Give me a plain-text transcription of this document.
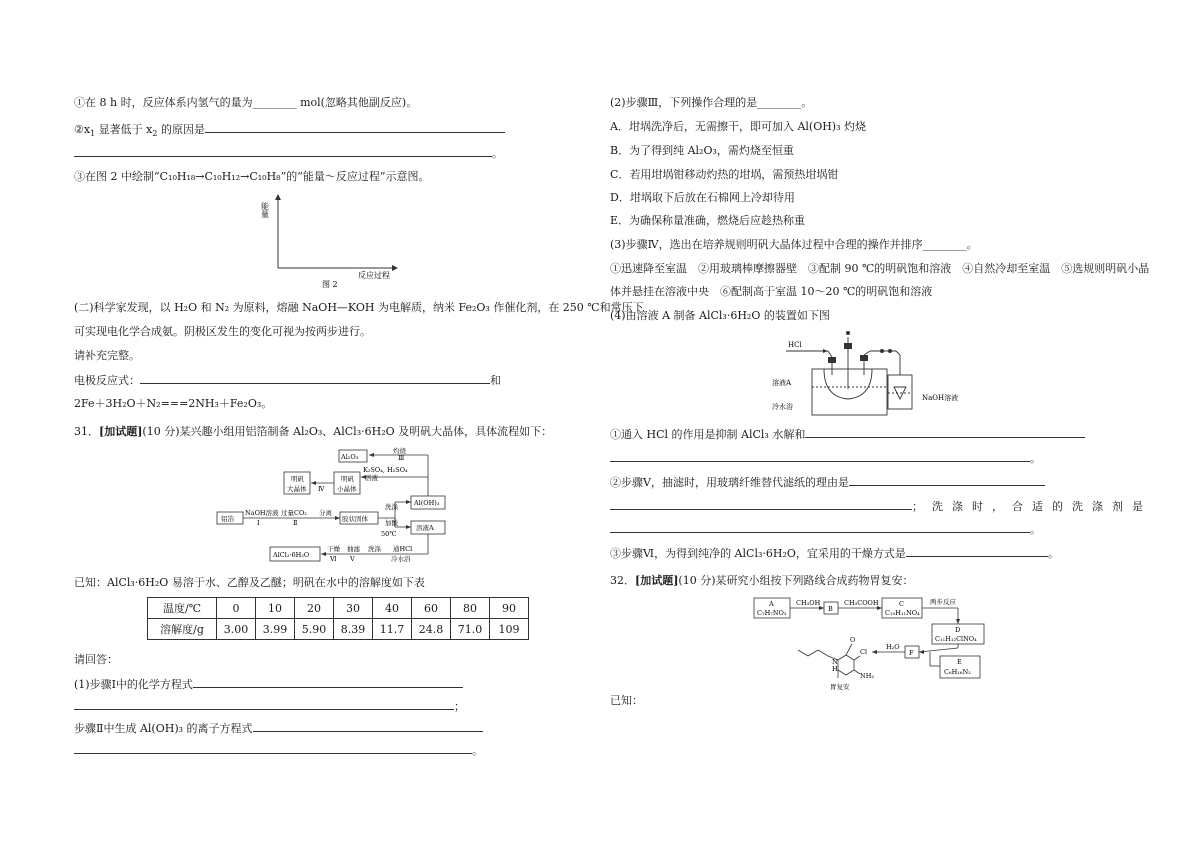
①在 8 h 时，反应体系内氢气的量为________ mol(忽略其他副反应)。
$②x_1$ 显著低于 $x_2$ 的原因是
。
③在图 2 中绘制“C₁₀H₁₈→C₁₀H₁₂→C₁₀H₈”的“能量～反应过程”示意图。
能量
反应过程
图 2
(二)科学家发现，以 H₂O 和 N₂ 为原料，熔融 NaOH—KOH 为电解质，纳米 Fe₂O₃ 作催化剂，在 250 ℃和常压下
可实现电化学合成氨。阴极区发生的变化可视为按两步进行。
请补充完整。
电极反应式：	和
2Fe＋3H₂O＋N₂===2NH₃＋Fe₂O₃。
31．[加试题](10 分)某兴趣小组用铝箔制备 Al₂O₃、AlCl₃·6H₂O 及明矾大晶体，具体流程如下：
Al₂O₃
灼烧
Ⅲ
K₂SO₄, H₂SO₄
溶液
明矾
大晶体
明矾
小晶体
Ⅳ
Al(OH)₃
洗涤
铝箔
NaOH溶液
Ⅰ
过量CO₂
Ⅱ
分离
胶状固体	加酸
50℃
溶液A
AlCl₃·6H₂O
干燥
Ⅵ
抽滤
Ⅴ
洗涤 通HCl
冷水浴
已知：AlCl₃·6H₂O 易溶于水、乙醇及乙醚；明矾在水中的溶解度如下表
温度/℃	0	10	20	30	40	60	80	90
溶解度/g	3.00	3.99	5.90	8.39	11.7	24.8	71.0	109
请回答：
(1)步骤Ⅰ中的化学方程式
；
步骤Ⅱ中生成 Al(OH)₃ 的离子方程式
。
(2)步骤Ⅲ，下列操作合理的是________。
A．坩埚洗净后，无需擦干，即可加入 Al(OH)₃ 灼烧
B．为了得到纯 Al₂O₃，需灼烧至恒重
C．若用坩埚钳移动灼热的坩埚，需预热坩埚钳
D．坩埚取下后放在石棉网上冷却待用
E．为确保称量准确，燃烧后应趁热称重
(3)步骤Ⅳ，选出在培养规则明矾大晶体过程中合理的操作并排序________。
①迅速降至室温　②用玻璃棒摩擦器壁　③配制 90 ℃的明矾饱和溶液　④自然冷却至室温　⑤选规则明矾小晶
体并悬挂在溶液中央　⑥配制高于室温 10～20 ℃的明矾饱和溶液
(4)由溶液 A 制备 AlCl₃·6H₂O 的装置如下图
HCl
溶液A
冷水浴
NaOH溶液
①通入 HCl 的作用是抑制 AlCl₃ 水解和
。
②步骤Ⅴ，抽滤时，用玻璃纤维替代滤纸的理由是
；洗涤时，合适的洗涤剂是
。
③步骤Ⅵ，为得到纯净的 AlCl₃·6H₂O，宜采用的干燥方式是	。
32．[加试题](10 分)某研究小组按下列路线合成药物胃复安：
A
C₇H₇NO₃
CH₃OH
B
CH₃COOH	C
C₁₀H₁₁NO₄
两步反应
D
C₁₁H₁₂ClNO₄
E
C₆H₁₆N₂
F
H₂O
O
Cl
N
H
NH₂
胃复安
已知：
